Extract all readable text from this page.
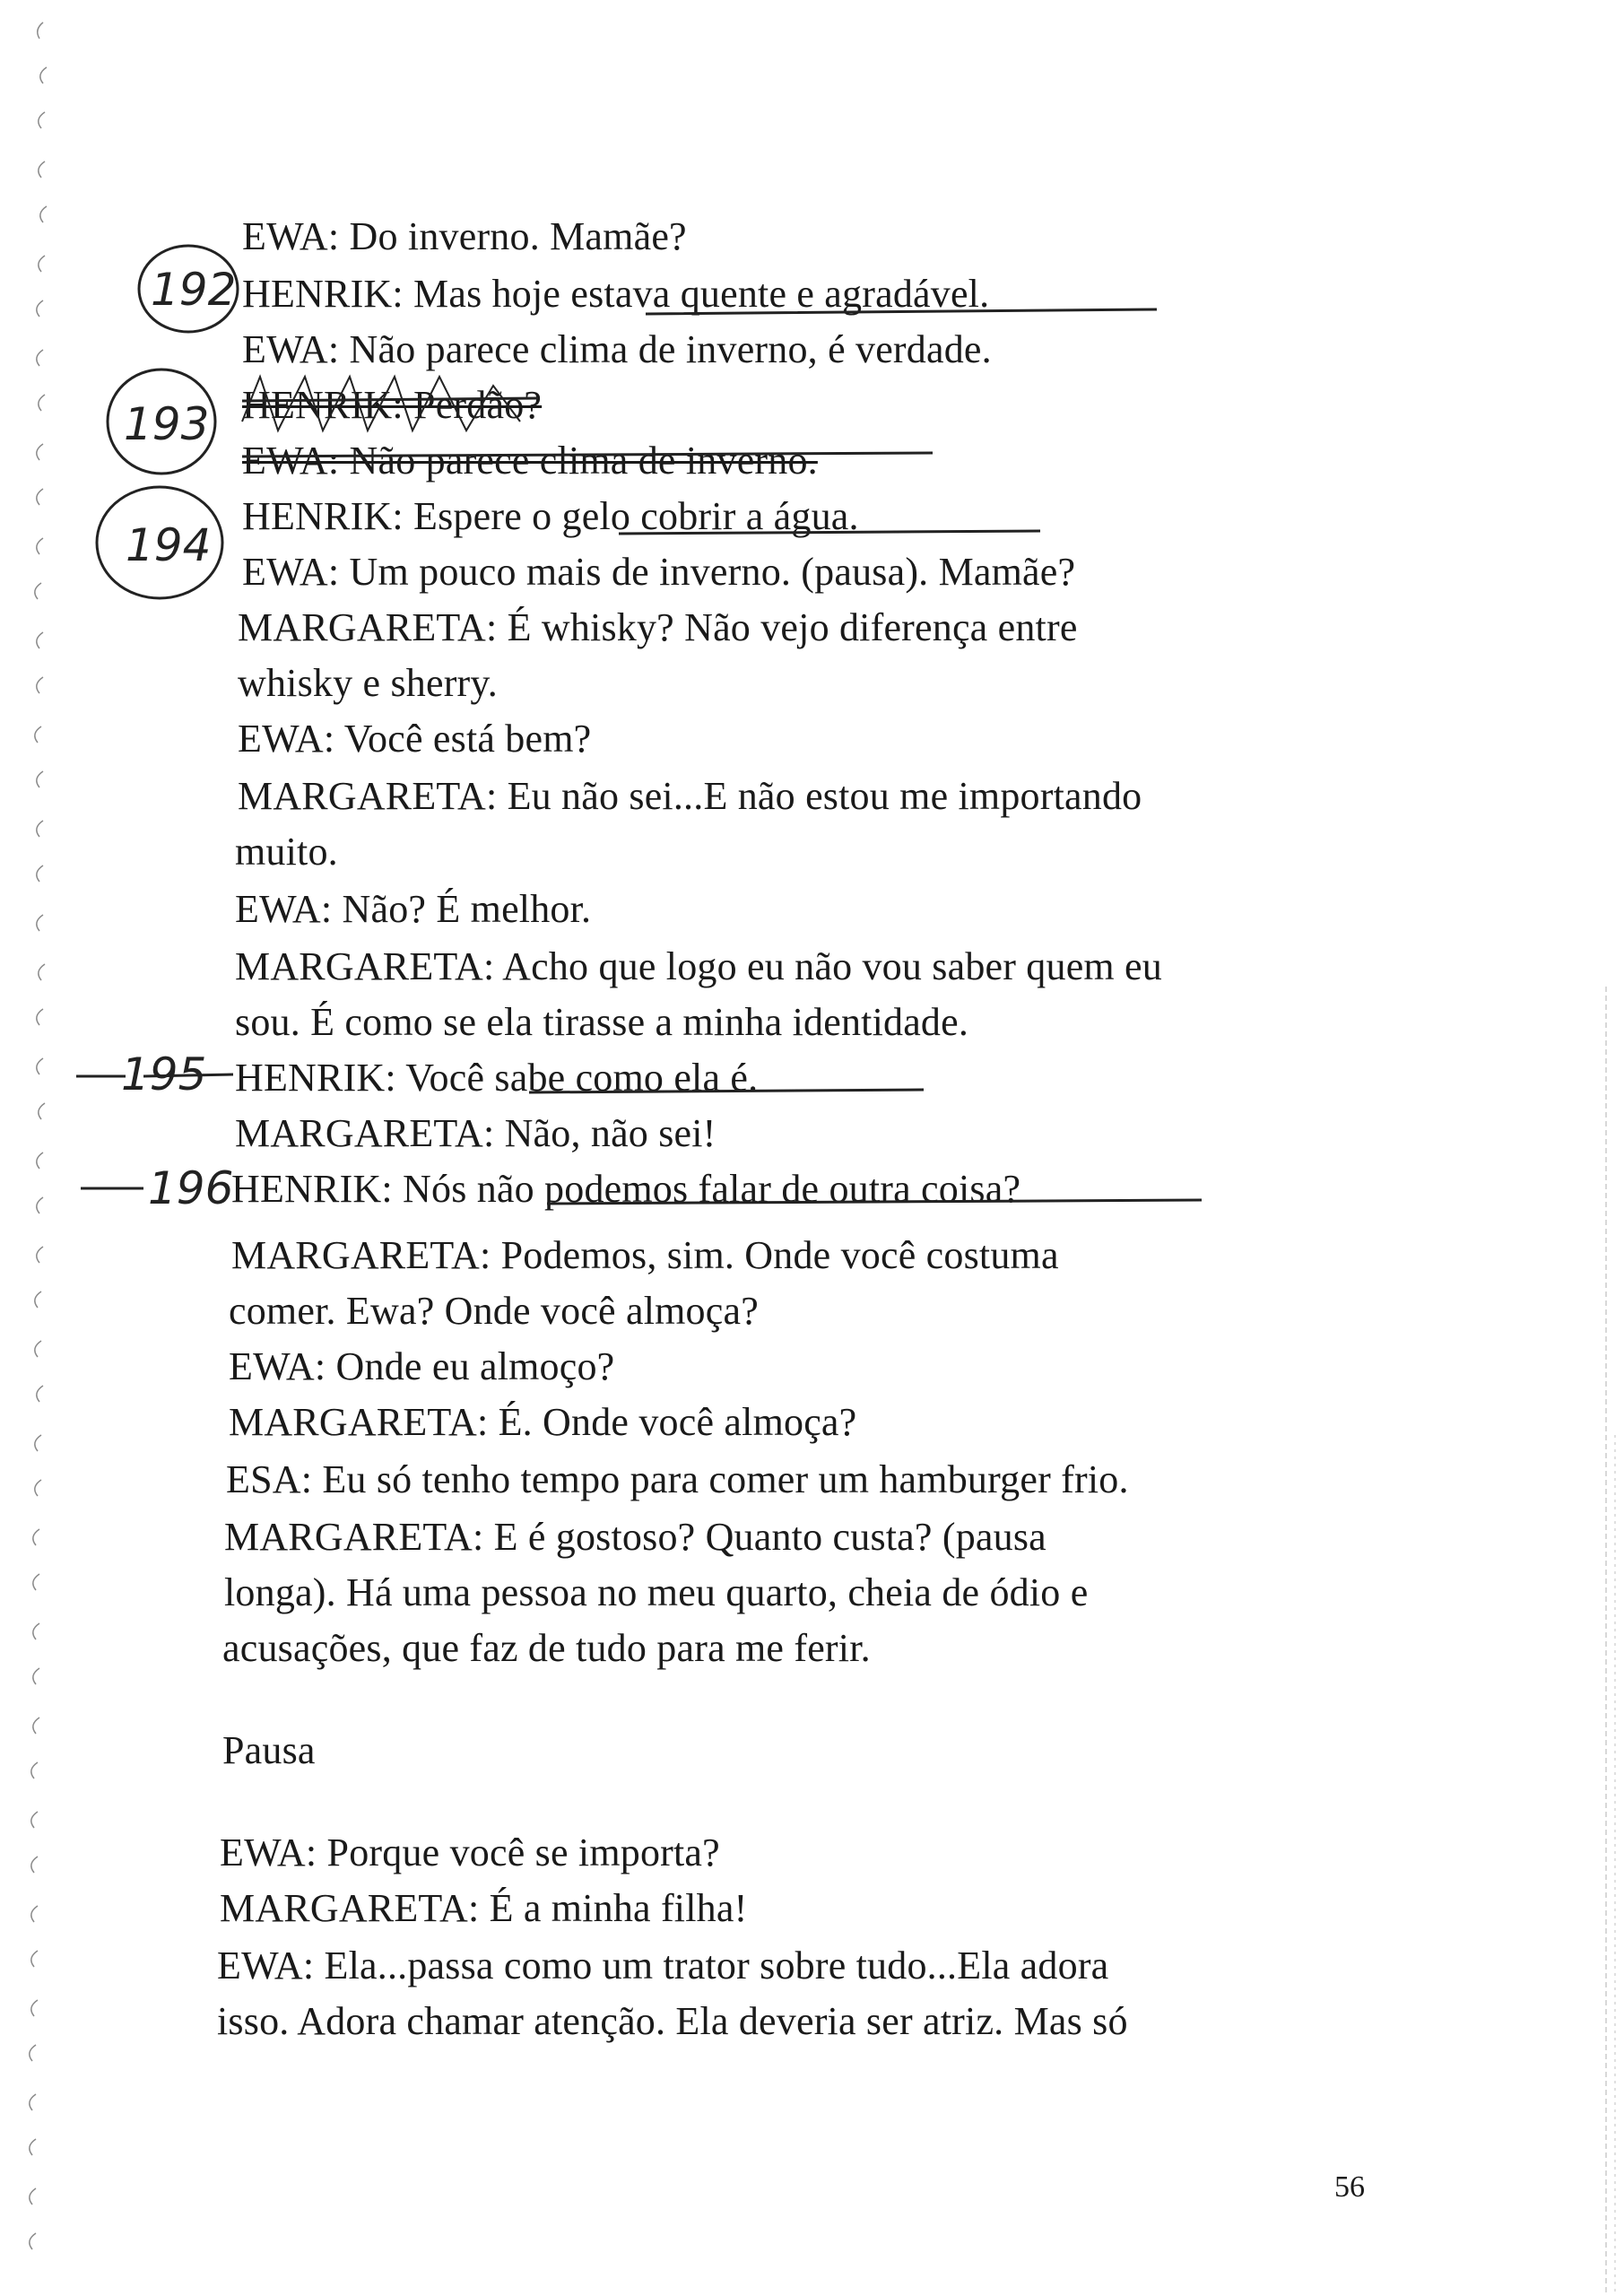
EWA: Do inverno. Mamãe?
HENRIK: Mas hoje estava quente e agradável.
EWA: Não parece clima de inverno, é verdade.
HENRIK: Perdão?
EWA: Não parece clima de inverno.
HENRIK: Espere o gelo cobrir a água.
EWA: Um pouco mais de inverno. (pausa). Mamãe?
MARGARETA: É whisky? Não vejo diferença entre
whisky e sherry.
EWA: Você está bem?
MARGARETA: Eu não sei...E não estou me importando
muito.
EWA: Não? É melhor.
MARGARETA: Acho que logo eu não vou saber quem eu
sou. É como se ela tirasse a minha identidade.
HENRIK: Você sabe como ela é.
MARGARETA: Não, não sei!
HENRIK: Nós não podemos falar de outra coisa?
MARGARETA: Podemos, sim. Onde você costuma
comer. Ewa? Onde você almoça?
EWA: Onde eu almoço?
MARGARETA: É. Onde você almoça?
ESA: Eu só tenho tempo para comer um hamburger frio.
MARGARETA: E é gostoso? Quanto custa? (pausa
longa). Há uma pessoa no meu quarto, cheia de ódio e
acusações, que faz de tudo para me ferir.
Pausa
EWA: Porque você se importa?
MARGARETA: É a minha filha!
EWA: Ela...passa como um trator sobre tudo...Ela adora
isso. Adora chamar atenção. Ela deveria ser atriz. Mas só
56
192
193
194
195
196
